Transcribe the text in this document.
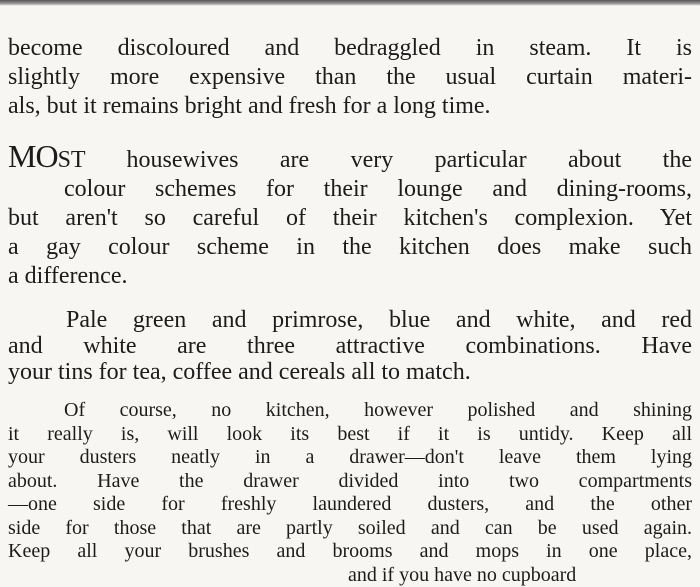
become discoloured and bedraggled in steam. It is
slightly more expensive than the usual curtain materi-
als, but it remains bright and fresh for a long time.
MOST housewives are very particular about the
colour schemes for their lounge and dining-rooms,
but aren't so careful of their kitchen's complexion. Yet
a gay colour scheme in the kitchen does make such
a difference.
Pale green and primrose, blue and white, and red
and white are three attractive combinations. Have
your tins for tea, coffee and cereals all to match.
Of course, no kitchen, however polished and shining
it really is, will look its best if it is untidy. Keep all
your dusters neatly in a drawer—don't leave them lying
about. Have the drawer divided into two compartments
—one side for freshly laundered dusters, and the other
side for those that are partly soiled and can be used again.
Keep all your brushes and brooms and mops in one place,
and if you have no cupboard
